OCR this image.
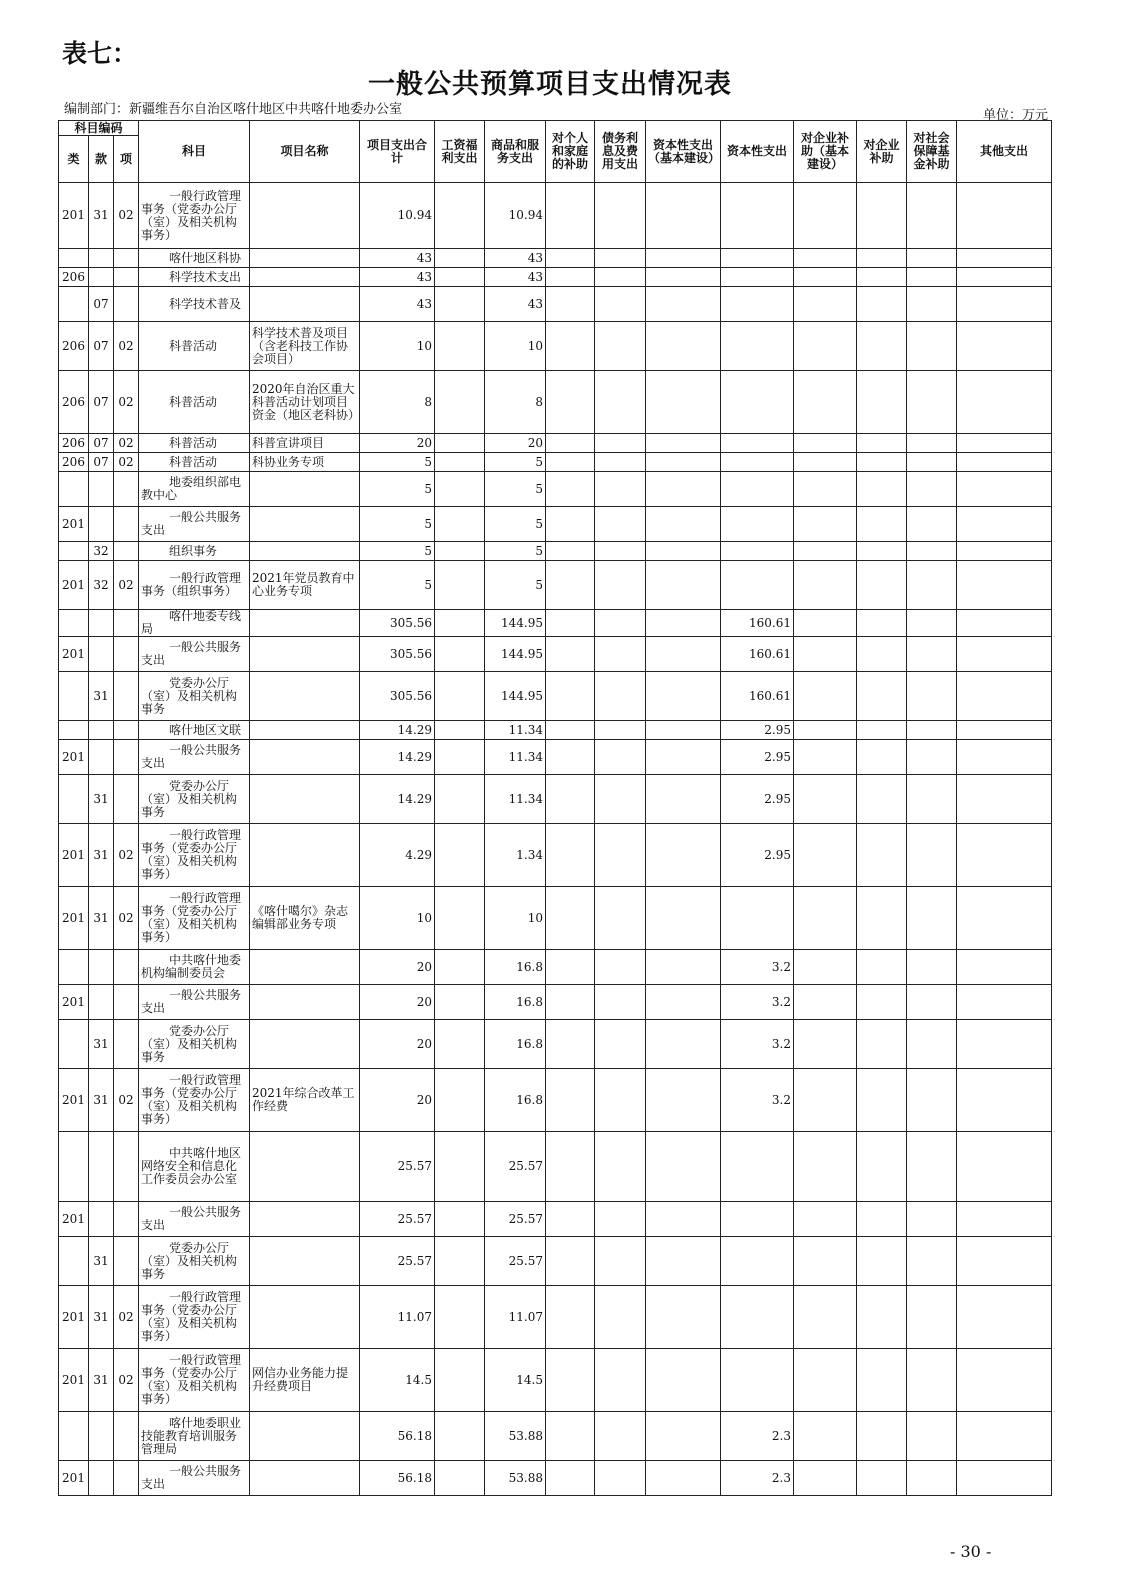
表七：
一般公共预算项目支出情况表
编制部门：新疆维吾尔自治区喀什地区中共喀什地委办公室	单位：万元
科目编码			科目	项目名称	项目支出合计	工资福利支出	商品和服务支出	对个人和家庭的补助	债务利息及费用支出	资本性支出（基本建设）	资本性支出	对企业补助（基本建设）	对企业补助	对社会保障基金补助	其他支出
类	款	项													
201	31	02	一般行政管理事务（党委办公厅（室）及相关机构事务）		10.94		10.94								
			喀什地区科协		43		43								
206			科学技术支出		43		43								
	07		科学技术普及		43		43								
206	07	02	科普活动	科学技术普及项目（含老科技工作协会项目）	10		10								
206	07	02	科普活动	2020年自治区重大科普活动计划项目资金（地区老科协）	8		8								
206	07	02	科普活动	科普宣讲项目	20		20								
206	07	02	科普活动	科协业务专项	5		5								
			地委组织部电教中心		5		5								
201			一般公共服务支出		5		5								
	32		组织事务		5		5								
201	32	02	一般行政管理事务（组织事务）	2021年党员教育中心业务专项	5		5								
			喀什地委专线局		305.56		144.95				160.61				
201			一般公共服务支出		305.56		144.95				160.61				
	31		党委办公厅（室）及相关机构事务		305.56		144.95				160.61				
			喀什地区文联		14.29		11.34				2.95				
201			一般公共服务支出		14.29		11.34				2.95				
	31		党委办公厅（室）及相关机构事务		14.29		11.34				2.95				
201	31	02	一般行政管理事务（党委办公厅（室）及相关机构事务）		4.29		1.34				2.95				
201	31	02	一般行政管理事务（党委办公厅（室）及相关机构事务）	《喀什噶尔》杂志编辑部业务专项	10		10								
			中共喀什地委机构编制委员会		20		16.8				3.2				
201			一般公共服务支出		20		16.8				3.2				
	31		党委办公厅（室）及相关机构事务		20		16.8				3.2				
201	31	02	一般行政管理事务（党委办公厅（室）及相关机构事务）	2021年综合改革工作经费	20		16.8				3.2				
			中共喀什地区网络安全和信息化工作委员会办公室		25.57		25.57								
201			一般公共服务支出		25.57		25.57								
	31		党委办公厅（室）及相关机构事务		25.57		25.57								
201	31	02	一般行政管理事务（党委办公厅（室）及相关机构事务）		11.07		11.07								
201	31	02	一般行政管理事务（党委办公厅（室）及相关机构事务）	网信办业务能力提升经费项目	14.5		14.5								
			喀什地委职业技能教育培训服务管理局		56.18		53.88				2.3				
201			一般公共服务支出		56.18		53.88				2.3				
- 30 -
